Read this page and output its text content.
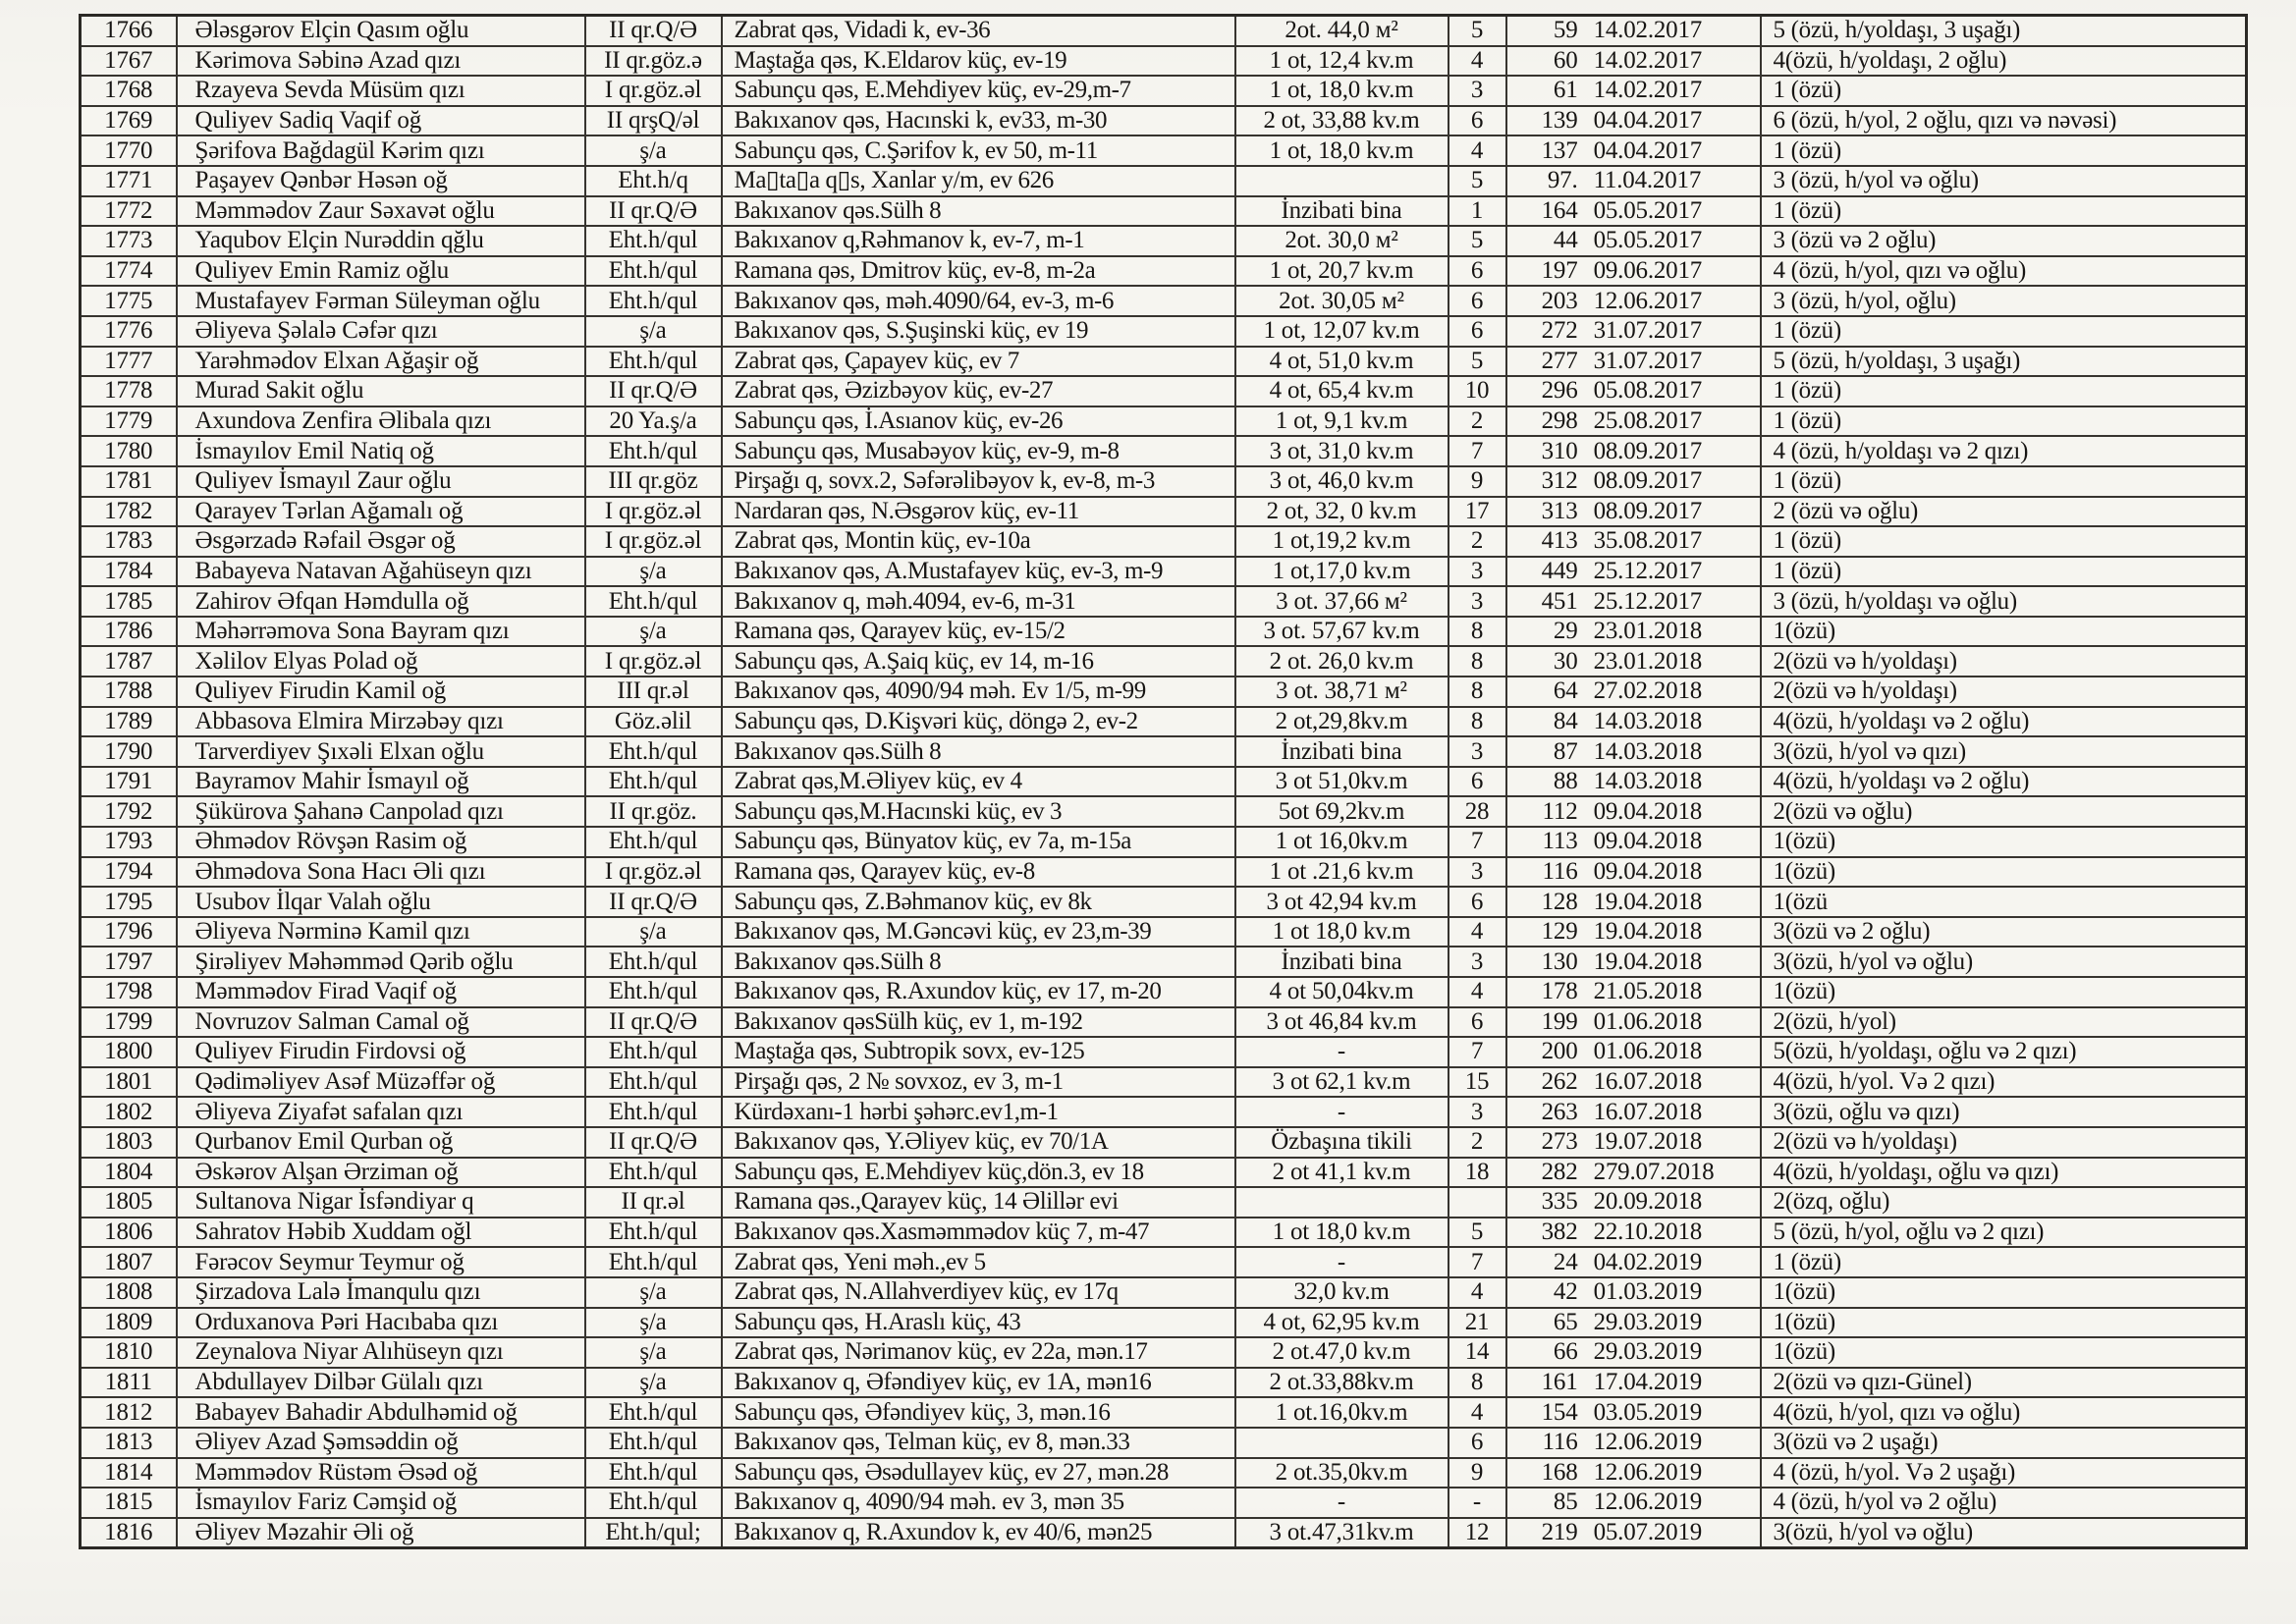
1766	Ələsgərov Elçin Qasım oğlu	II qr.Q/Ə	Zabrat qəs, Vidadi k, ev-36	2ot. 44,0 м²	5	59 14.02.2017	5 (özü, h/yoldaşı, 3 uşağı)
1767	Kərimova Səbinə Azad qızı	II qr.göz.ə	Maştağa qəs, K.Eldarov küç, ev-19	1 ot, 12,4 kv.m	4	60 14.02.2017	4(özü, h/yoldaşı, 2 oğlu)
1768	Rzayeva Sevda Müsüm qızı	I qr.göz.əl	Sabunçu qəs, E.Mehdiyev küç, ev-29,m-7	1 ot, 18,0 kv.m	3	61 14.02.2017	1 (özü)
1769	Quliyev Sadiq Vaqif oğ	II qrşQ/əl	Bakıxanov qəs, Hacınski k, ev33, m-30	2 ot, 33,88 kv.m	6	139 04.04.2017	6 (özü, h/yol, 2 oğlu, qızı və nəvəsi)
1770	Şərifova Bağdagül Kərim qızı	ş/a	Sabunçu qəs, C.Şərifov k, ev 50, m-11	1 ot, 18,0 kv.m	4	137 04.04.2017	1 (özü)
1771	Paşayev Qənbər Həsən oğ	Eht.h/q	Ma▯ta▯a q▯s, Xanlar y/m, ev 626		5	97. 11.04.2017	3 (özü, h/yol və oğlu)
1772	Məmmədov Zaur Səxavət oğlu	II qr.Q/Ə	Bakıxanov qəs.Sülh 8	İnzibati bina	1	164 05.05.2017	1 (özü)
1773	Yaqubov Elçin Nurəddin qğlu	Eht.h/qul	Bakıxanov q,Rəhmanov k, ev-7, m-1	2ot. 30,0 м²	5	44 05.05.2017	3 (özü və 2 oğlu)
1774	Quliyev Emin Ramiz oğlu	Eht.h/qul	Ramana qəs, Dmitrov küç, ev-8, m-2a	1 ot, 20,7 kv.m	6	197 09.06.2017	4 (özü, h/yol, qızı və oğlu)
1775	Mustafayev Fərman Süleyman oğlu	Eht.h/qul	Bakıxanov qəs, məh.4090/64, ev-3, m-6	2ot. 30,05 м²	6	203 12.06.2017	3 (özü, h/yol, oğlu)
1776	Əliyeva Şəlalə Cəfər qızı	ş/a	Bakıxanov qəs, S.Şuşinski küç, ev 19	1 ot, 12,07 kv.m	6	272 31.07.2017	1 (özü)
1777	Yarəhmədov Elxan Ağaşir oğ	Eht.h/qul	Zabrat qəs, Çapayev küç, ev 7	4 ot, 51,0 kv.m	5	277 31.07.2017	5 (özü, h/yoldaşı, 3 uşağı)
1778	Murad Sakit oğlu	II qr.Q/Ə	Zabrat qəs, Əzizbəyov küç, ev-27	4 ot, 65,4 kv.m	10	296 05.08.2017	1 (özü)
1779	Axundova Zenfira Əlibala qızı	20 Ya.ş/a	Sabunçu qəs, İ.Asıanov küç, ev-26	1 ot, 9,1 kv.m	2	298 25.08.2017	1 (özü)
1780	İsmayılov Emil Natiq oğ	Eht.h/qul	Sabunçu qəs, Musabəyov küç, ev-9, m-8	3 ot, 31,0 kv.m	7	310 08.09.2017	4 (özü, h/yoldaşı və 2 qızı)
1781	Quliyev İsmayıl Zaur oğlu	III qr.göz	Pirşağı q, sovx.2, Səfərəlibəyov k, ev-8, m-3	3 ot, 46,0 kv.m	9	312 08.09.2017	1 (özü)
1782	Qarayev Tərlan Ağamalı oğ	I qr.göz.əl	Nardaran qəs, N.Əsgərov küç, ev-11	2 ot, 32, 0 kv.m	17	313 08.09.2017	2 (özü və oğlu)
1783	Əsgərzadə Rəfail Əsgər oğ	I qr.göz.əl	Zabrat qəs, Montin küç, ev-10a	1 ot,19,2 kv.m	2	413 35.08.2017	1 (özü)
1784	Babayeva Natavan Ağahüseyn qızı	ş/a	Bakıxanov qəs, A.Mustafayev küç, ev-3, m-9	1 ot,17,0 kv.m	3	449 25.12.2017	1 (özü)
1785	Zahirov Əfqan Həmdulla oğ	Eht.h/qul	Bakıxanov q, məh.4094, ev-6, m-31	3 ot. 37,66 м²	3	451 25.12.2017	3 (özü, h/yoldaşı və oğlu)
1786	Məhərrəmova Sona Bayram qızı	ş/a	Ramana qəs, Qarayev küç, ev-15/2	3 ot. 57,67 kv.m	8	29 23.01.2018	1(özü)
1787	Xəlilov Elyas Polad oğ	I qr.göz.əl	Sabunçu qəs, A.Şaiq küç, ev 14, m-16	2 ot. 26,0 kv.m	8	30 23.01.2018	2(özü və h/yoldaşı)
1788	Quliyev Firudin Kamil oğ	III qr.əl	Bakıxanov qəs, 4090/94 məh. Ev 1/5, m-99	3 ot. 38,71 м²	8	64 27.02.2018	2(özü və h/yoldaşı)
1789	Abbasova Elmira Mirzəbəy qızı	Göz.əlil	Sabunçu qəs, D.Kişvəri küç, döngə 2, ev-2	2 ot,29,8kv.m	8	84 14.03.2018	4(özü, h/yoldaşı və 2 oğlu)
1790	Tarverdiyev Şıxəli Elxan oğlu	Eht.h/qul	Bakıxanov qəs.Sülh 8	İnzibati bina	3	87 14.03.2018	3(özü, h/yol və qızı)
1791	Bayramov Mahir İsmayıl oğ	Eht.h/qul	Zabrat qəs,M.Əliyev küç, ev 4	3 ot 51,0kv.m	6	88 14.03.2018	4(özü, h/yoldaşı və 2 oğlu)
1792	Şükürova Şahanə Canpolad qızı	II qr.göz.	Sabunçu qəs,M.Hacınski küç, ev 3	5ot 69,2kv.m	28	112 09.04.2018	2(özü və oğlu)
1793	Əhmədov Rövşən Rasim oğ	Eht.h/qul	Sabunçu qəs, Bünyatov küç, ev 7a, m-15a	1 ot 16,0kv.m	7	113 09.04.2018	1(özü)
1794	Əhmədova Sona Hacı Əli qızı	I qr.göz.əl	Ramana qəs, Qarayev küç, ev-8	1 ot .21,6 kv.m	3	116 09.04.2018	1(özü)
1795	Usubov İlqar Valah oğlu	II qr.Q/Ə	Sabunçu qəs, Z.Bəhmanov küç, ev 8k	3 ot 42,94 kv.m	6	128 19.04.2018	1(özü
1796	Əliyeva Nərminə Kamil qızı	ş/a	Bakıxanov qəs, M.Gəncəvi küç, ev 23,m-39	1 ot 18,0 kv.m	4	129 19.04.2018	3(özü və 2 oğlu)
1797	Şirəliyev Məhəmməd Qərib oğlu	Eht.h/qul	Bakıxanov qəs.Sülh 8	İnzibati bina	3	130 19.04.2018	3(özü, h/yol və oğlu)
1798	Məmmədov Firad Vaqif oğ	Eht.h/qul	Bakıxanov qəs, R.Axundov küç, ev 17, m-20	4 ot 50,04kv.m	4	178 21.05.2018	1(özü)
1799	Novruzov Salman Camal oğ	II qr.Q/Ə	Bakıxanov qəsSülh küç, ev 1, m-192	3 ot 46,84 kv.m	6	199 01.06.2018	2(özü, h/yol)
1800	Quliyev Firudin Firdovsi oğ	Eht.h/qul	Maştağa qəs, Subtropik sovx, ev-125	-	7	200 01.06.2018	5(özü, h/yoldaşı, oğlu və 2 qızı)
1801	Qədiməliyev Asəf Müzəffər oğ	Eht.h/qul	Pirşağı qəs, 2 № sovxoz, ev 3, m-1	3 ot 62,1 kv.m	15	262 16.07.2018	4(özü, h/yol. Və 2 qızı)
1802	Əliyeva Ziyafət safalan qızı	Eht.h/qul	Kürdəxanı-1 hərbi şəhərc.ev1,m-1	-	3	263 16.07.2018	3(özü, oğlu və qızı)
1803	Qurbanov Emil Qurban oğ	II qr.Q/Ə	Bakıxanov qəs, Y.Əliyev küç, ev 70/1A	Özbaşına tikili	2	273 19.07.2018	2(özü və h/yoldaşı)
1804	Əskərov Alşan Ərziman oğ	Eht.h/qul	Sabunçu qəs, E.Mehdiyev küç,dön.3, ev 18	2 ot 41,1 kv.m	18	282 279.07.2018	4(özü, h/yoldaşı, oğlu və qızı)
1805	Sultanova Nigar İsfəndiyar q	II qr.əl	Ramana qəs.,Qarayev küç, 14 Əlillər evi			335 20.09.2018	2(özq, oğlu)
1806	Sahratov Həbib Xuddam oğl	Eht.h/qul	Bakıxanov qəs.Xasməmmədov küç 7, m-47	1 ot 18,0 kv.m	5	382 22.10.2018	5 (özü, h/yol, oğlu və 2 qızı)
1807	Fərəcov Seymur Teymur oğ	Eht.h/qul	Zabrat qəs, Yeni məh.,ev 5	-	7	24 04.02.2019	1 (özü)
1808	Şirzadova Lalə İmanqulu qızı	ş/a	Zabrat qəs, N.Allahverdiyev küç, ev 17q	32,0 kv.m	4	42 01.03.2019	1(özü)
1809	Orduxanova Pəri Hacıbaba qızı	ş/a	Sabunçu qəs, H.Araslı küç, 43	4 ot, 62,95 kv.m	21	65 29.03.2019	1(özü)
1810	Zeynalova Niyar Alıhüseyn qızı	ş/a	Zabrat qəs, Nərimanov küç, ev 22a, mən.17	2 ot.47,0 kv.m	14	66 29.03.2019	1(özü)
1811	Abdullayev Dilbər Gülalı qızı	ş/a	Bakıxanov q, Əfəndiyev küç, ev 1A, mən16	2 ot.33,88kv.m	8	161 17.04.2019	2(özü və qızı-Günel)
1812	Babayev Bahadir Abdulhəmid oğ	Eht.h/qul	Sabunçu qəs, Əfəndiyev küç, 3, mən.16	1 ot.16,0kv.m	4	154 03.05.2019	4(özü, h/yol, qızı və oğlu)
1813	Əliyev Azad Şəmsəddin oğ	Eht.h/qul	Bakıxanov qəs, Telman küç, ev 8, mən.33		6	116 12.06.2019	3(özü və 2 uşağı)
1814	Məmmədov Rüstəm Əsəd oğ	Eht.h/qul	Sabunçu qəs, Əsədullayev küç, ev 27, mən.28	2 ot.35,0kv.m	9	168 12.06.2019	4 (özü, h/yol. Və 2 uşağı)
1815	İsmayılov Fariz Cəmşid oğ	Eht.h/qul	Bakıxanov q, 4090/94 məh. ev 3, mən 35	-	-	85 12.06.2019	4 (özü, h/yol və 2 oğlu)
1816	Əliyev Məzahir Əli oğ	Eht.h/qul;	Bakıxanov q, R.Axundov k, ev 40/6, mən25	3 ot.47,31kv.m	12	219 05.07.2019	3(özü, h/yol və oğlu)
